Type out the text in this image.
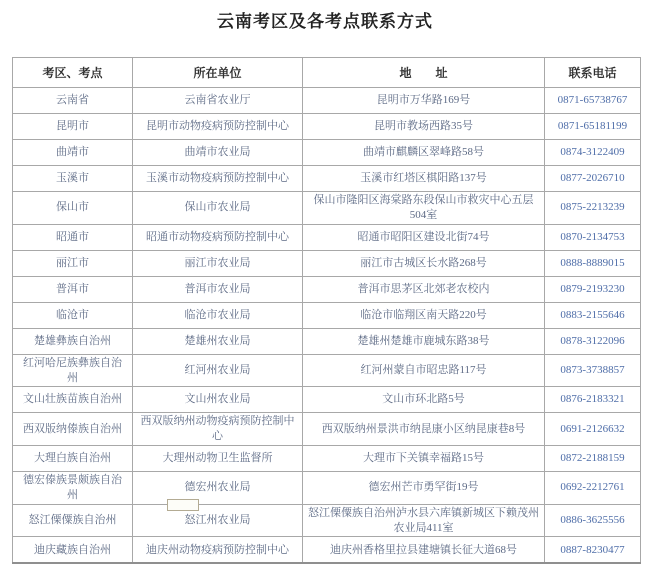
云南考区及各考点联系方式
考区、考点	所在单位	地　　址	联系电话
云南省	云南省农业厅	昆明市万华路169号	0871-65738767
昆明市	昆明市动物疫病预防控制中心	昆明市教场西路35号	0871-65181199
曲靖市	曲靖市农业局	曲靖市麒麟区翠峰路58号	0874-3122409
玉溪市	玉溪市动物疫病预防控制中心	玉溪市红塔区棋阳路137号	0877-2026710
保山市	保山市农业局	保山市隆阳区海棠路东段保山市救灾中心五层504室	0875-2213239
昭通市	昭通市动物疫病预防控制中心	昭通市昭阳区建设北街74号	0870-2134753
丽江市	丽江市农业局	丽江市古城区长水路268号	0888-8889015
普洱市	普洱市农业局	普洱市思茅区北郊老农校内	0879-2193230
临沧市	临沧市农业局	临沧市临翔区南天路220号	0883-2155646
楚雄彝族自治州	楚雄州农业局	楚雄州楚雄市鹿城东路38号	0878-3122096
红河哈尼族彝族自治州	红河州农业局	红河州蒙自市昭忠路117号	0873-3738857
文山壮族苗族自治州	文山州农业局	文山市环北路5号	0876-2183321
西双版纳傣族自治州	西双版纳州动物疫病预防控制中心	西双版纳州景洪市纳昆康小区纳昆康巷8号	0691-2126632
大理白族自治州	大理州动物卫生监督所	大理市下关镇幸福路15号	0872-2188159
德宏傣族景颇族自治州	德宏州农业局	德宏州芒市勇罕街19号	0692-2212761
怒江傈僳族自治州	怒江州农业局	怒江傈僳族自治州泸水县六库镇新城区下赖茂州农业局411室	0886-3625556
迪庆藏族自治州	迪庆州动物疫病预防控制中心	迪庆州香格里拉县建塘镇长征大道68号	0887-8230477
